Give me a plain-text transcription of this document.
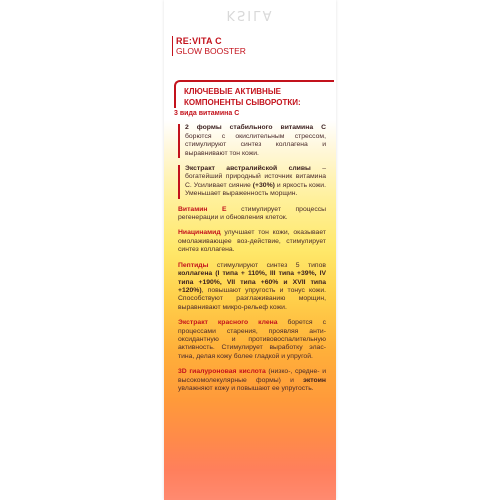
KSILA
RE:VITA C
GLOW BOOSTER
КЛЮЧЕВЫЕ АКТИВНЫЕ
КОМПОНЕНТЫ СЫВОРОТКИ:
3 вида витамина С
2 формы стабильного витамина С борются с окислительным стрессом, стимулируют синтез коллагена и выравнивают тон кожи.
Экстракт австралийской сливы – богатейший природный источник витамина С. Усиливает сияние (+30%) и яркость кожи. Уменьшает выраженность морщин.
Витамин Е стимулирует процессы регенерации и обновления клеток.
Ниацинамид улучшает тон кожи, оказывает омолаживающее воз-действие, стимулирует синтез коллагена.
Пептиды стимулируют синтез 5 типов коллагена (I типа + 110%, III типа +39%, IV типа +190%, VII типа +60% и XVII типа +120%), повышают упругость и тонус кожи. Способствуют разглаживанию морщин, выравнивают микро-рельеф кожи.
Экстракт красного клена борется с процессами старения, проявляя анти-оксидантную и противовоспалительную активность. Стимулирует выработку элас-тина, делая кожу более гладкой и упругой.
3D гиалуроновая кислота (низко-, средне- и высокомолекулярные формы) и эктоин увлажняют кожу и повышают ее упругость.
